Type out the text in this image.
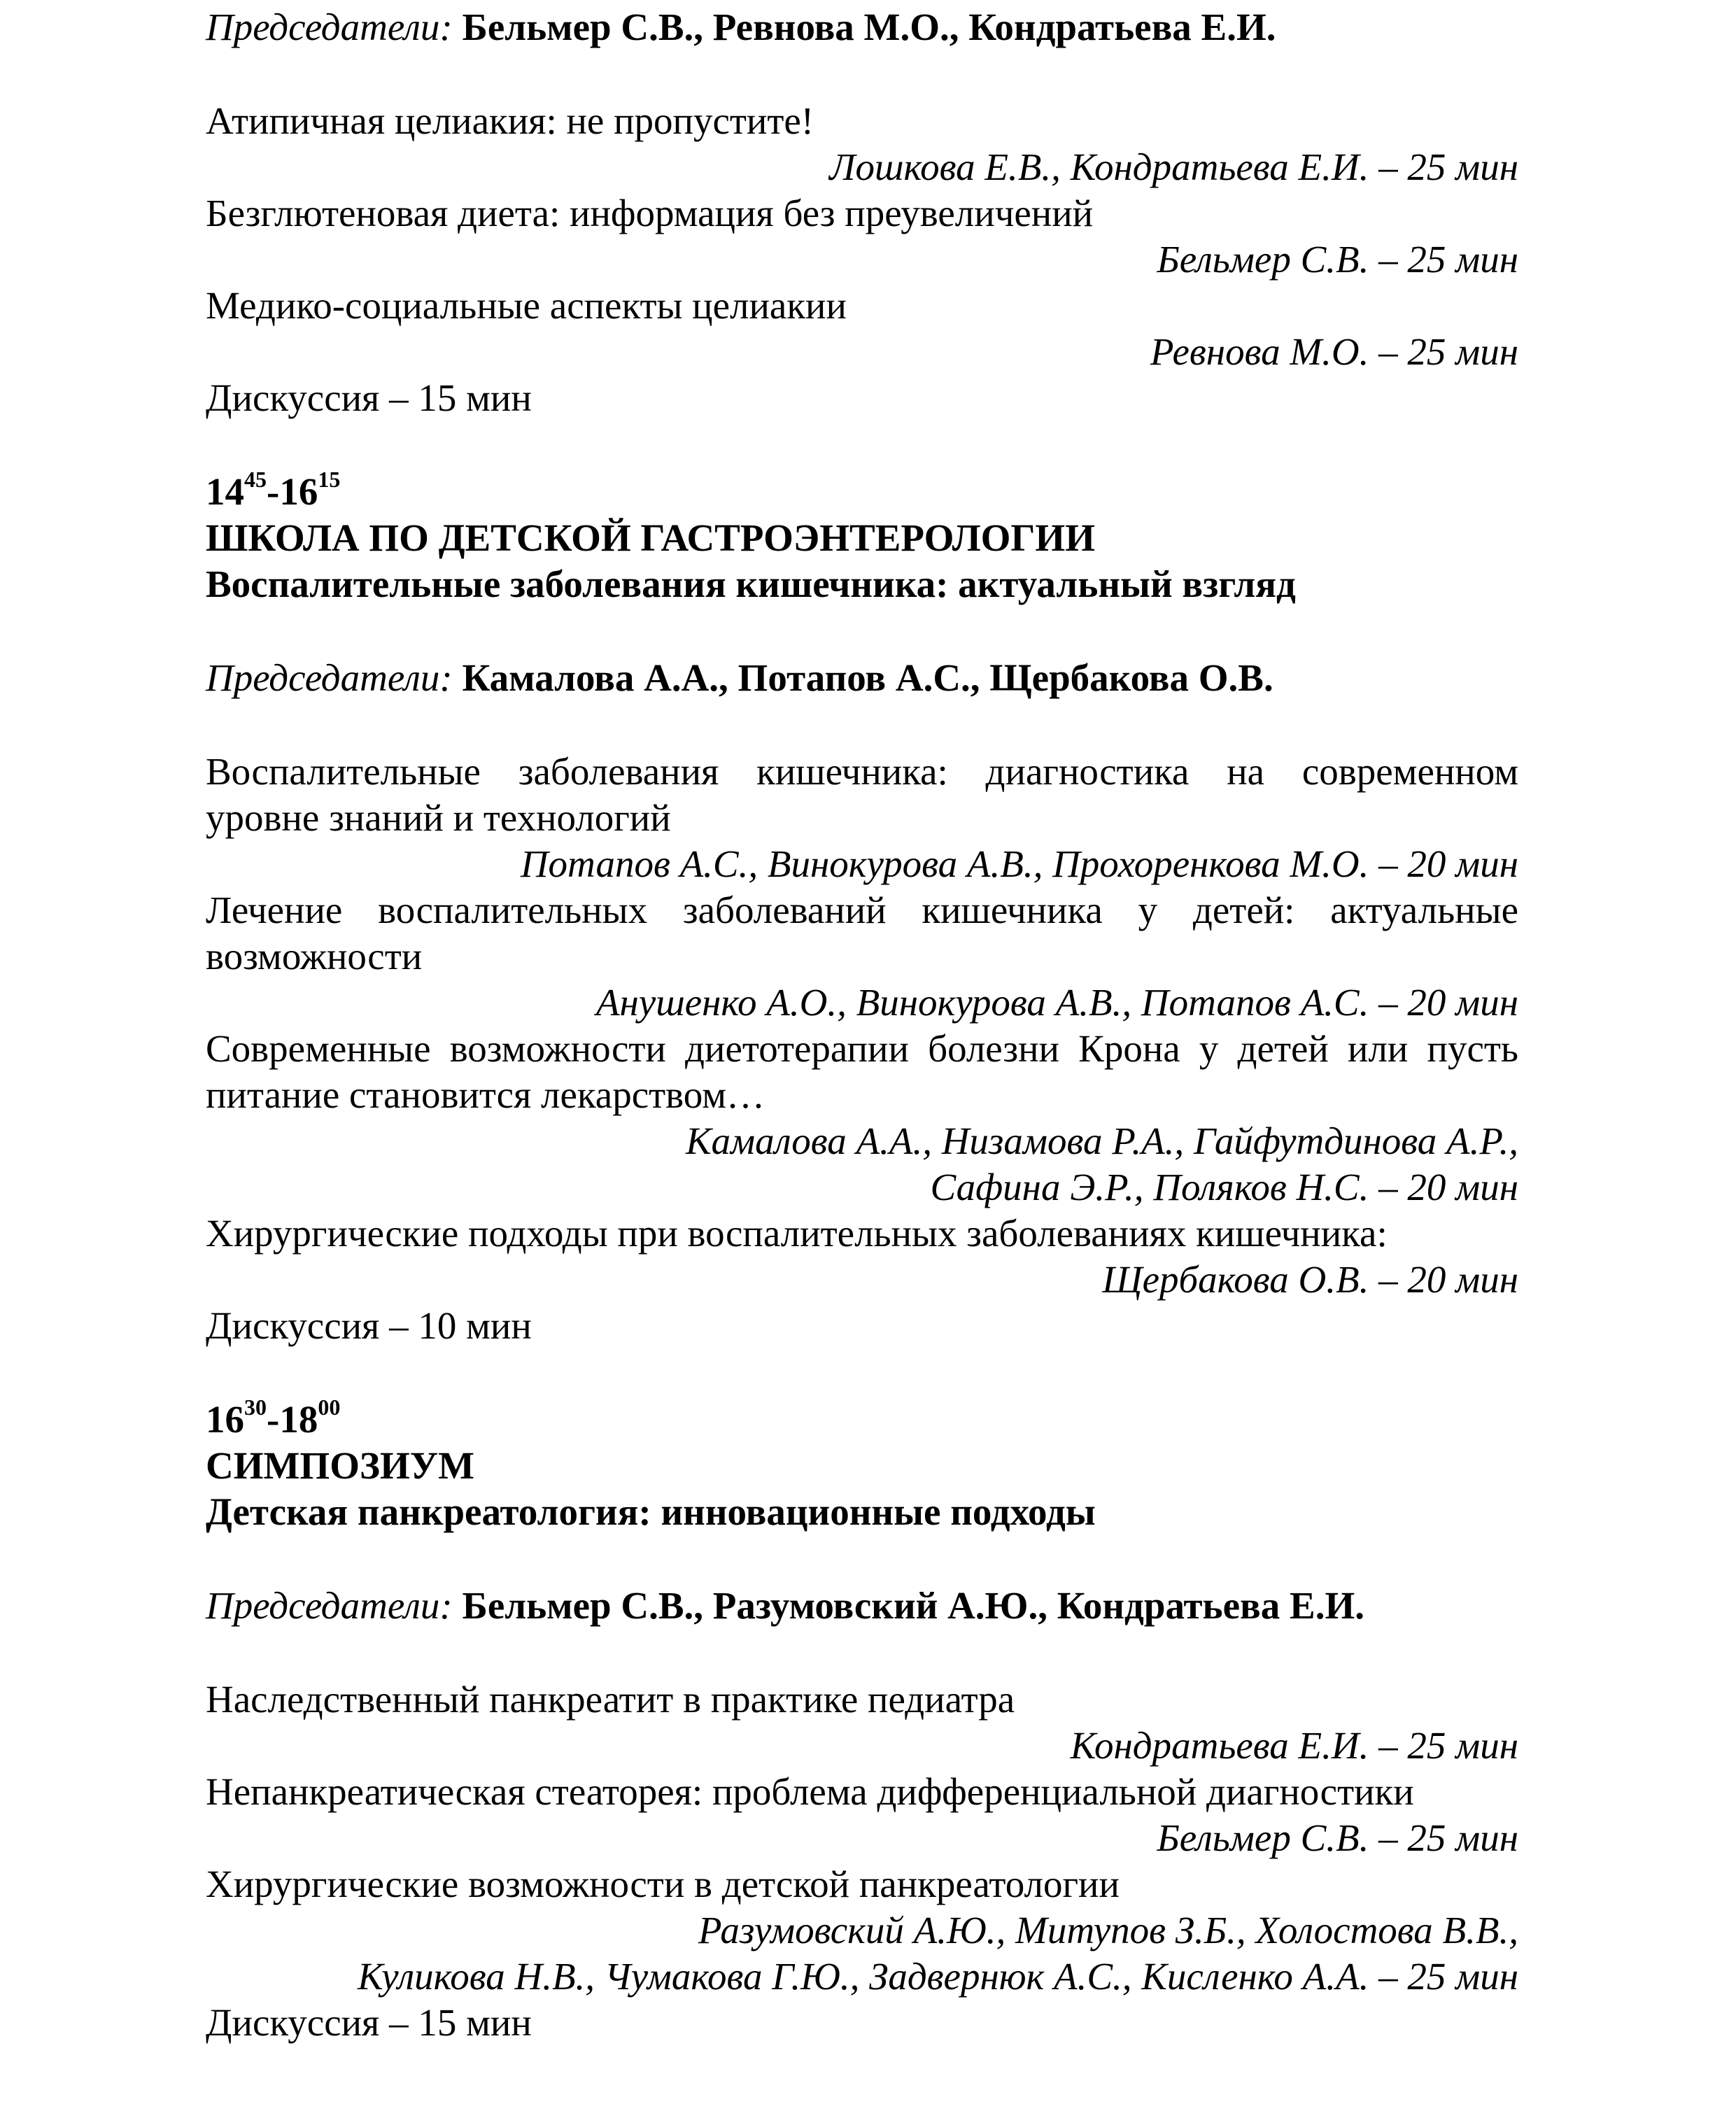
Председатели: Бельмер С.В., Ревнова М.О., Кондратьева Е.И.
Атипичная целиакия: не пропустите!
Лошкова Е.В., Кондратьева Е.И. – 25 мин
Безглютеновая диета: информация без преувеличений
Бельмер С.В. – 25 мин
Медико-социальные аспекты целиакии
Ревнова М.О. – 25 мин
Дискуссия – 15 мин
$14^{45}-16^{15}$
ШКОЛА ПО ДЕТСКОЙ ГАСТРОЭНТЕРОЛОГИИ
Воспалительные заболевания кишечника: актуальный взгляд
Председатели: Камалова А.А., Потапов А.С., Щербакова О.В.
Воспалительные заболевания кишечника: диагностика на современном
уровне знаний и технологий
Потапов А.С., Винокурова А.В., Прохоренкова М.О. – 20 мин
Лечение воспалительных заболеваний кишечника у детей: актуальные
возможности
Анушенко А.О., Винокурова А.В., Потапов А.С. – 20 мин
Современные возможности диетотерапии болезни Крона у детей или пусть
питание становится лекарством…
Камалова А.А., Низамова Р.А., Гайфутдинова А.Р.,
Сафина Э.Р., Поляков Н.С. – 20 мин
Хирургические подходы при воспалительных заболеваниях кишечника:
Щербакова О.В. – 20 мин
Дискуссия – 10 мин
$16^{30}-18^{00}$
СИМПОЗИУМ
Детская панкреатология: инновационные подходы
Председатели: Бельмер С.В., Разумовский А.Ю., Кондратьева Е.И.
Наследственный панкреатит в практике педиатра
Кондратьева Е.И. – 25 мин
Непанкреатическая стеаторея: проблема дифференциальной диагностики
Бельмер С.В. – 25 мин
Хирургические возможности в детской панкреатологии
Разумовский А.Ю., Митупов З.Б., Холостова В.В.,
Куликова Н.В., Чумакова Г.Ю., Задвернюк А.С., Кисленко А.А. – 25 мин
Дискуссия – 15 мин
